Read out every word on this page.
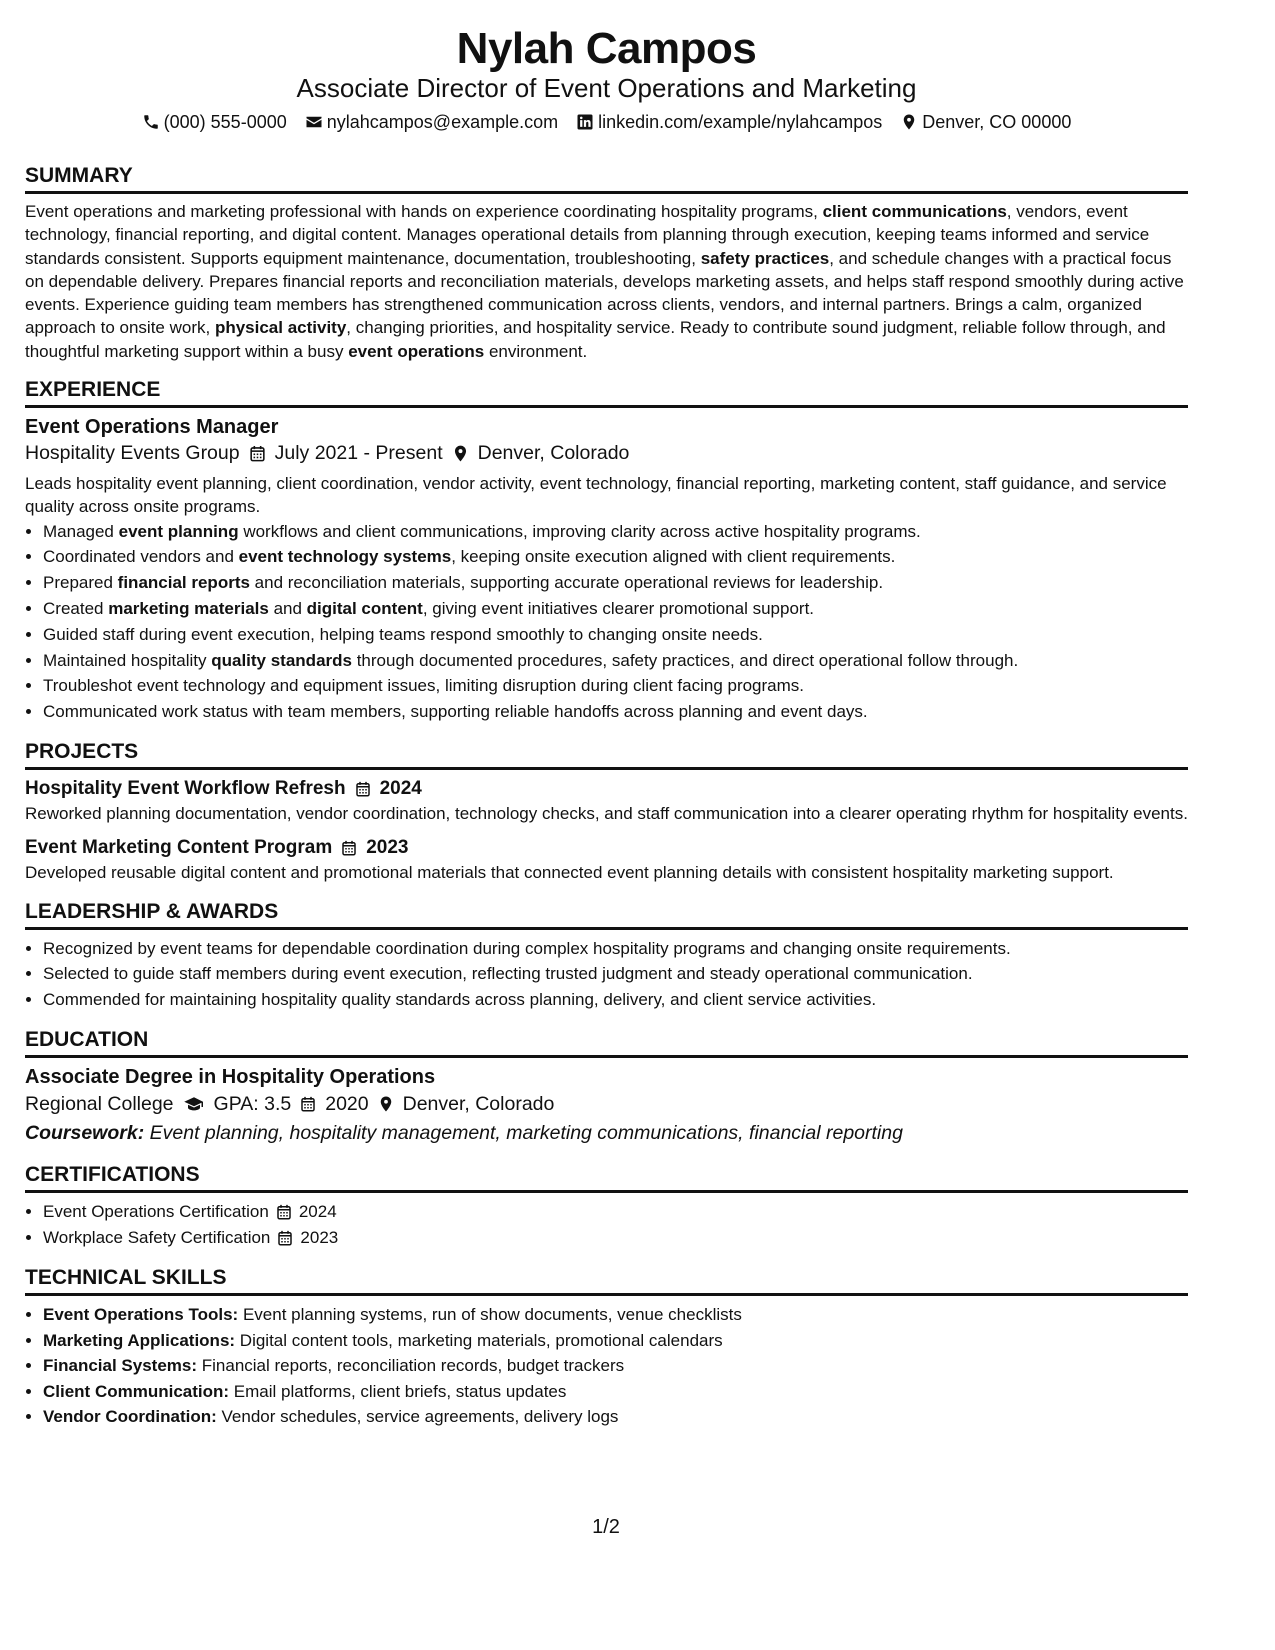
Nylah Campos
Associate Director of Event Operations and Marketing
(000) 555-0000 nylahcampos@example.com linkedin.com/example/nylahcampos Denver, CO 00000
SUMMARY

Event operations and marketing professional with hands on experience coordinating hospitality programs, client communications, vendors, event technology, financial reporting, and digital content. Manages operational details from planning through execution, keeping teams informed and service standards consistent. Supports equipment maintenance, documentation, troubleshooting, safety practices, and schedule changes with a practical focus on dependable delivery. Prepares financial reports and reconciliation materials, develops marketing assets, and helps staff respond smoothly during active events. Experience guiding team members has strengthened communication across clients, vendors, and internal partners. Brings a calm, organized approach to onsite work, physical activity, changing priorities, and hospitality service. Ready to contribute sound judgment, reliable follow through, and thoughtful marketing support within a busy event operations environment.

EXPERIENCE
Event Operations Manager
Hospitality Events Group July 2021 - Present Denver, Colorado

Leads hospitality event planning, client coordination, vendor activity, event technology, financial reporting, marketing content, staff guidance, and service quality across onsite programs.

• Managed event planning workflows and client communications, improving clarity across active hospitality programs.
• Coordinated vendors and event technology systems, keeping onsite execution aligned with client requirements.
• Prepared financial reports and reconciliation materials, supporting accurate operational reviews for leadership.
• Created marketing materials and digital content, giving event initiatives clearer promotional support.
• Guided staff during event execution, helping teams respond smoothly to changing onsite needs.
• Maintained hospitality quality standards through documented procedures, safety practices, and direct operational follow through.
• Troubleshot event technology and equipment issues, limiting disruption during client facing programs.
• Communicated work status with team members, supporting reliable handoffs across planning and event days.
PROJECTS
Hospitality Event Workflow Refresh 2024

Reworked planning documentation, vendor coordination, technology checks, and staff communication into a clearer operating rhythm for hospitality events.

Event Marketing Content Program 2023

Developed reusable digital content and promotional materials that connected event planning details with consistent hospitality marketing support.

LEADERSHIP & AWARDS
• Recognized by event teams for dependable coordination during complex hospitality programs and changing onsite requirements.
• Selected to guide staff members during event execution, reflecting trusted judgment and steady operational communication.
• Commended for maintaining hospitality quality standards across planning, delivery, and client service activities.
EDUCATION
Associate Degree in Hospitality Operations
Regional College GPA: 3.5 2020 Denver, Colorado
Coursework: Event planning, hospitality management, marketing communications, financial reporting
CERTIFICATIONS
• Event Operations Certification 2024
• Workplace Safety Certification 2023
TECHNICAL SKILLS
• Event Operations Tools: Event planning systems, run of show documents, venue checklists
• Marketing Applications: Digital content tools, marketing materials, promotional calendars
• Financial Systems: Financial reports, reconciliation records, budget trackers
• Client Communication: Email platforms, client briefs, status updates
• Vendor Coordination: Vendor schedules, service agreements, delivery logs
1/2
